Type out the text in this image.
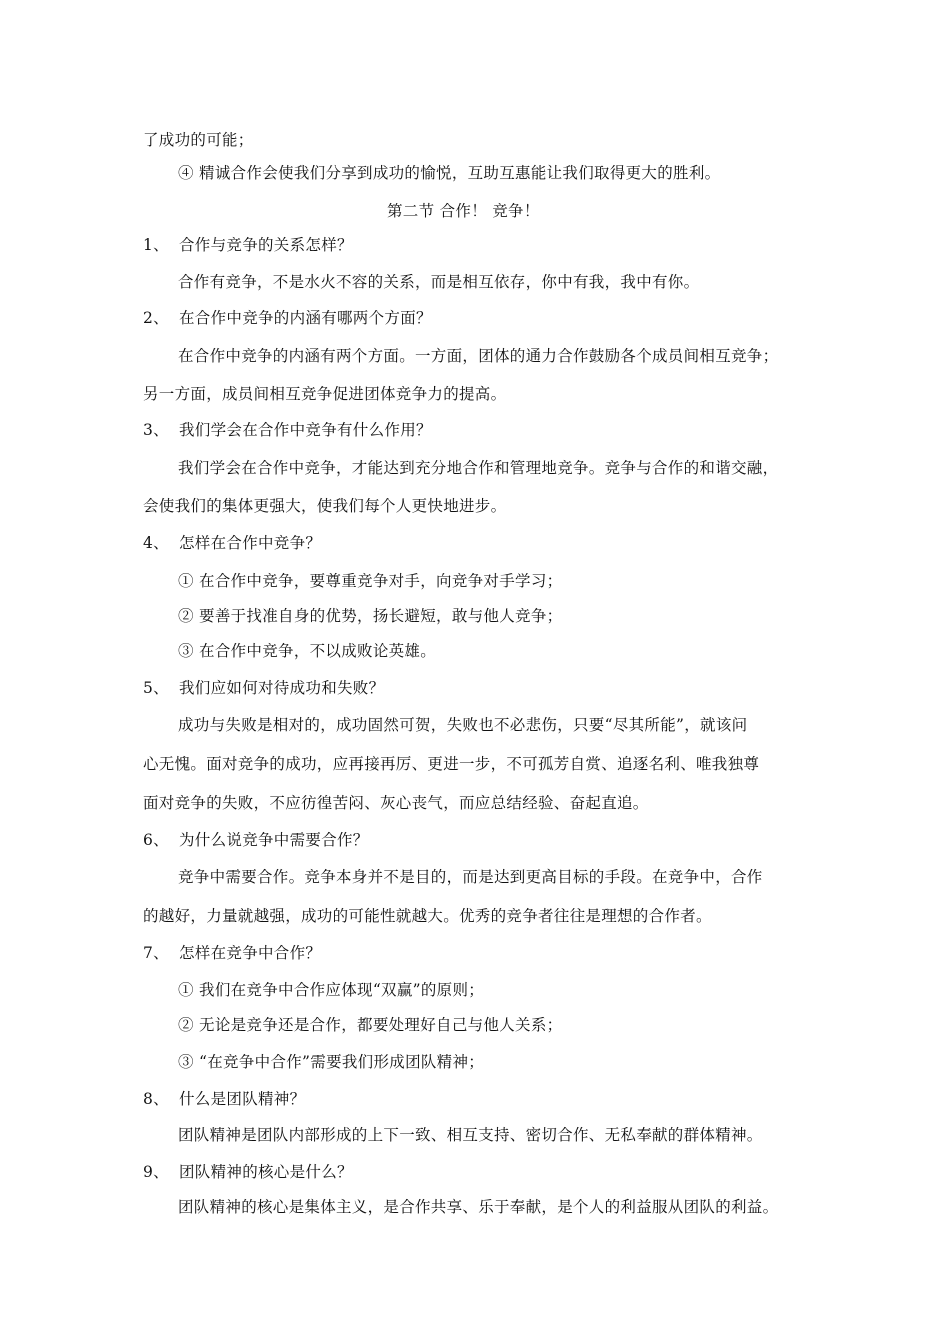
了成功的可能；
④ 精诚合作会使我们分享到成功的愉悦，互助互惠能让我们取得更大的胜利。
第二节 合作！ 竞争！
1、 合作与竞争的关系怎样？
合作有竞争，不是水火不容的关系，而是相互依存，你中有我，我中有你。
2、 在合作中竞争的内涵有哪两个方面？
在合作中竞争的内涵有两个方面。一方面，团体的通力合作鼓励各个成员间相互竞争；
另一方面，成员间相互竞争促进团体竞争力的提高。
3、 我们学会在合作中竞争有什么作用？
我们学会在合作中竞争，才能达到充分地合作和管理地竞争。竞争与合作的和谐交融，
会使我们的集体更强大，使我们每个人更快地进步。
4、 怎样在合作中竞争？
① 在合作中竞争，要尊重竞争对手，向竞争对手学习；
② 要善于找准自身的优势，扬长避短，敢与他人竞争；
③ 在合作中竞争，不以成败论英雄。
5、 我们应如何对待成功和失败？
成功与失败是相对的，成功固然可贺，失败也不必悲伤，只要“尽其所能”，就该问
心无愧。面对竞争的成功，应再接再厉、更进一步，不可孤芳自赏、追逐名利、唯我独尊
面对竞争的失败，不应彷徨苦闷、灰心丧气，而应总结经验、奋起直追。
6、 为什么说竞争中需要合作？
竞争中需要合作。竞争本身并不是目的，而是达到更高目标的手段。在竞争中，合作
的越好，力量就越强，成功的可能性就越大。优秀的竞争者往往是理想的合作者。
7、 怎样在竞争中合作？
① 我们在竞争中合作应体现“双赢”的原则；
② 无论是竞争还是合作，都要处理好自己与他人关系；
③ “在竞争中合作”需要我们形成团队精神；
8、 什么是团队精神？
团队精神是团队内部形成的上下一致、相互支持、密切合作、无私奉献的群体精神。
9、 团队精神的核心是什么？
团队精神的核心是集体主义，是合作共享、乐于奉献，是个人的利益服从团队的利益。
